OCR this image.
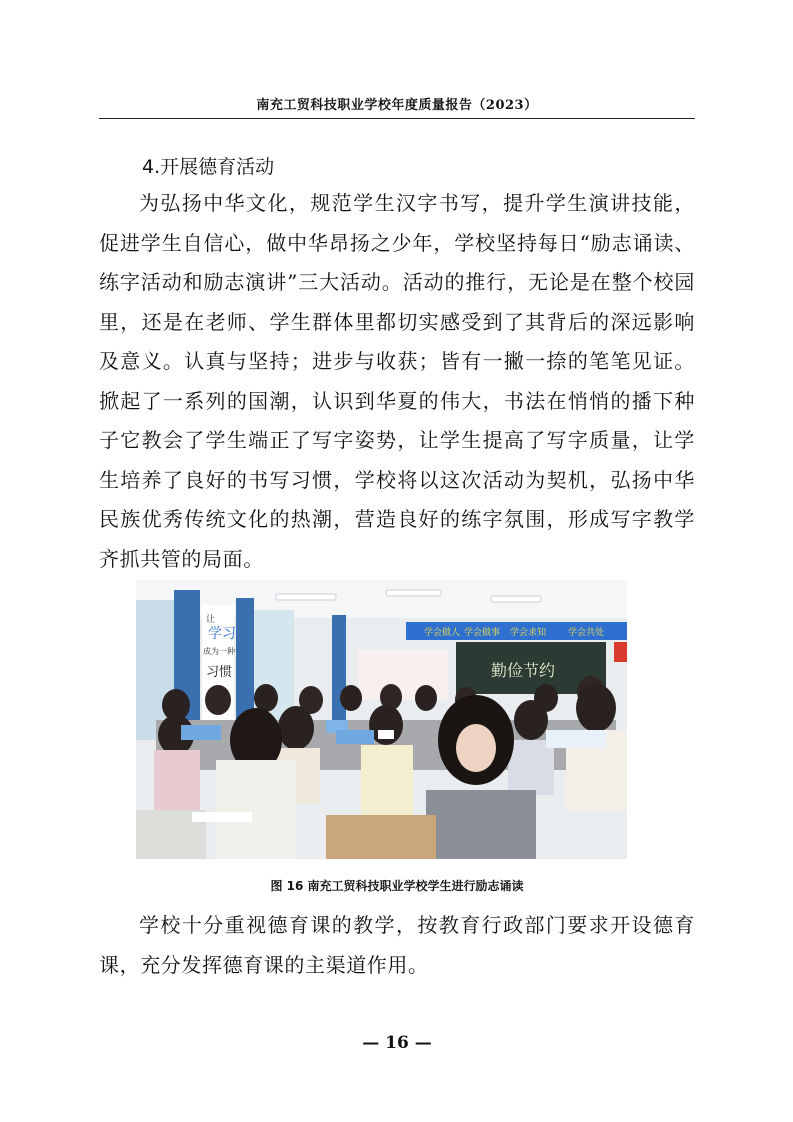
南充工贸科技职业学校年度质量报告（2023）
4.开展德育活动
为弘扬中华文化，规范学生汉字书写，提升学生演讲技能，促进学生自信心，做中华昂扬之少年，学校坚持每日“励志诵读、练字活动和励志演讲”三大活动。活动的推行，无论是在整个校园里，还是在老师、学生群体里都切实感受到了其背后的深远影响及意义。认真与坚持；进步与收获；皆有一撇一捺的笔笔见证。掀起了一系列的国潮，认识到华夏的伟大，书法在悄悄的播下种子它教会了学生端正了写字姿势，让学生提高了写字质量，让学生培养了良好的书写习惯，学校将以这次活动为契机，弘扬中华民族优秀传统文化的热潮，营造良好的练字氛围，形成写字教学齐抓共管的局面。
让
学习
成为一种
习惯
学会做人 学会做事 学会求知 学会共处
勤俭节约
图 16 南充工贸科技职业学校学生进行励志诵读
学校十分重视德育课的教学，按教育行政部门要求开设德育课，充分发挥德育课的主渠道作用。
— 16 —
